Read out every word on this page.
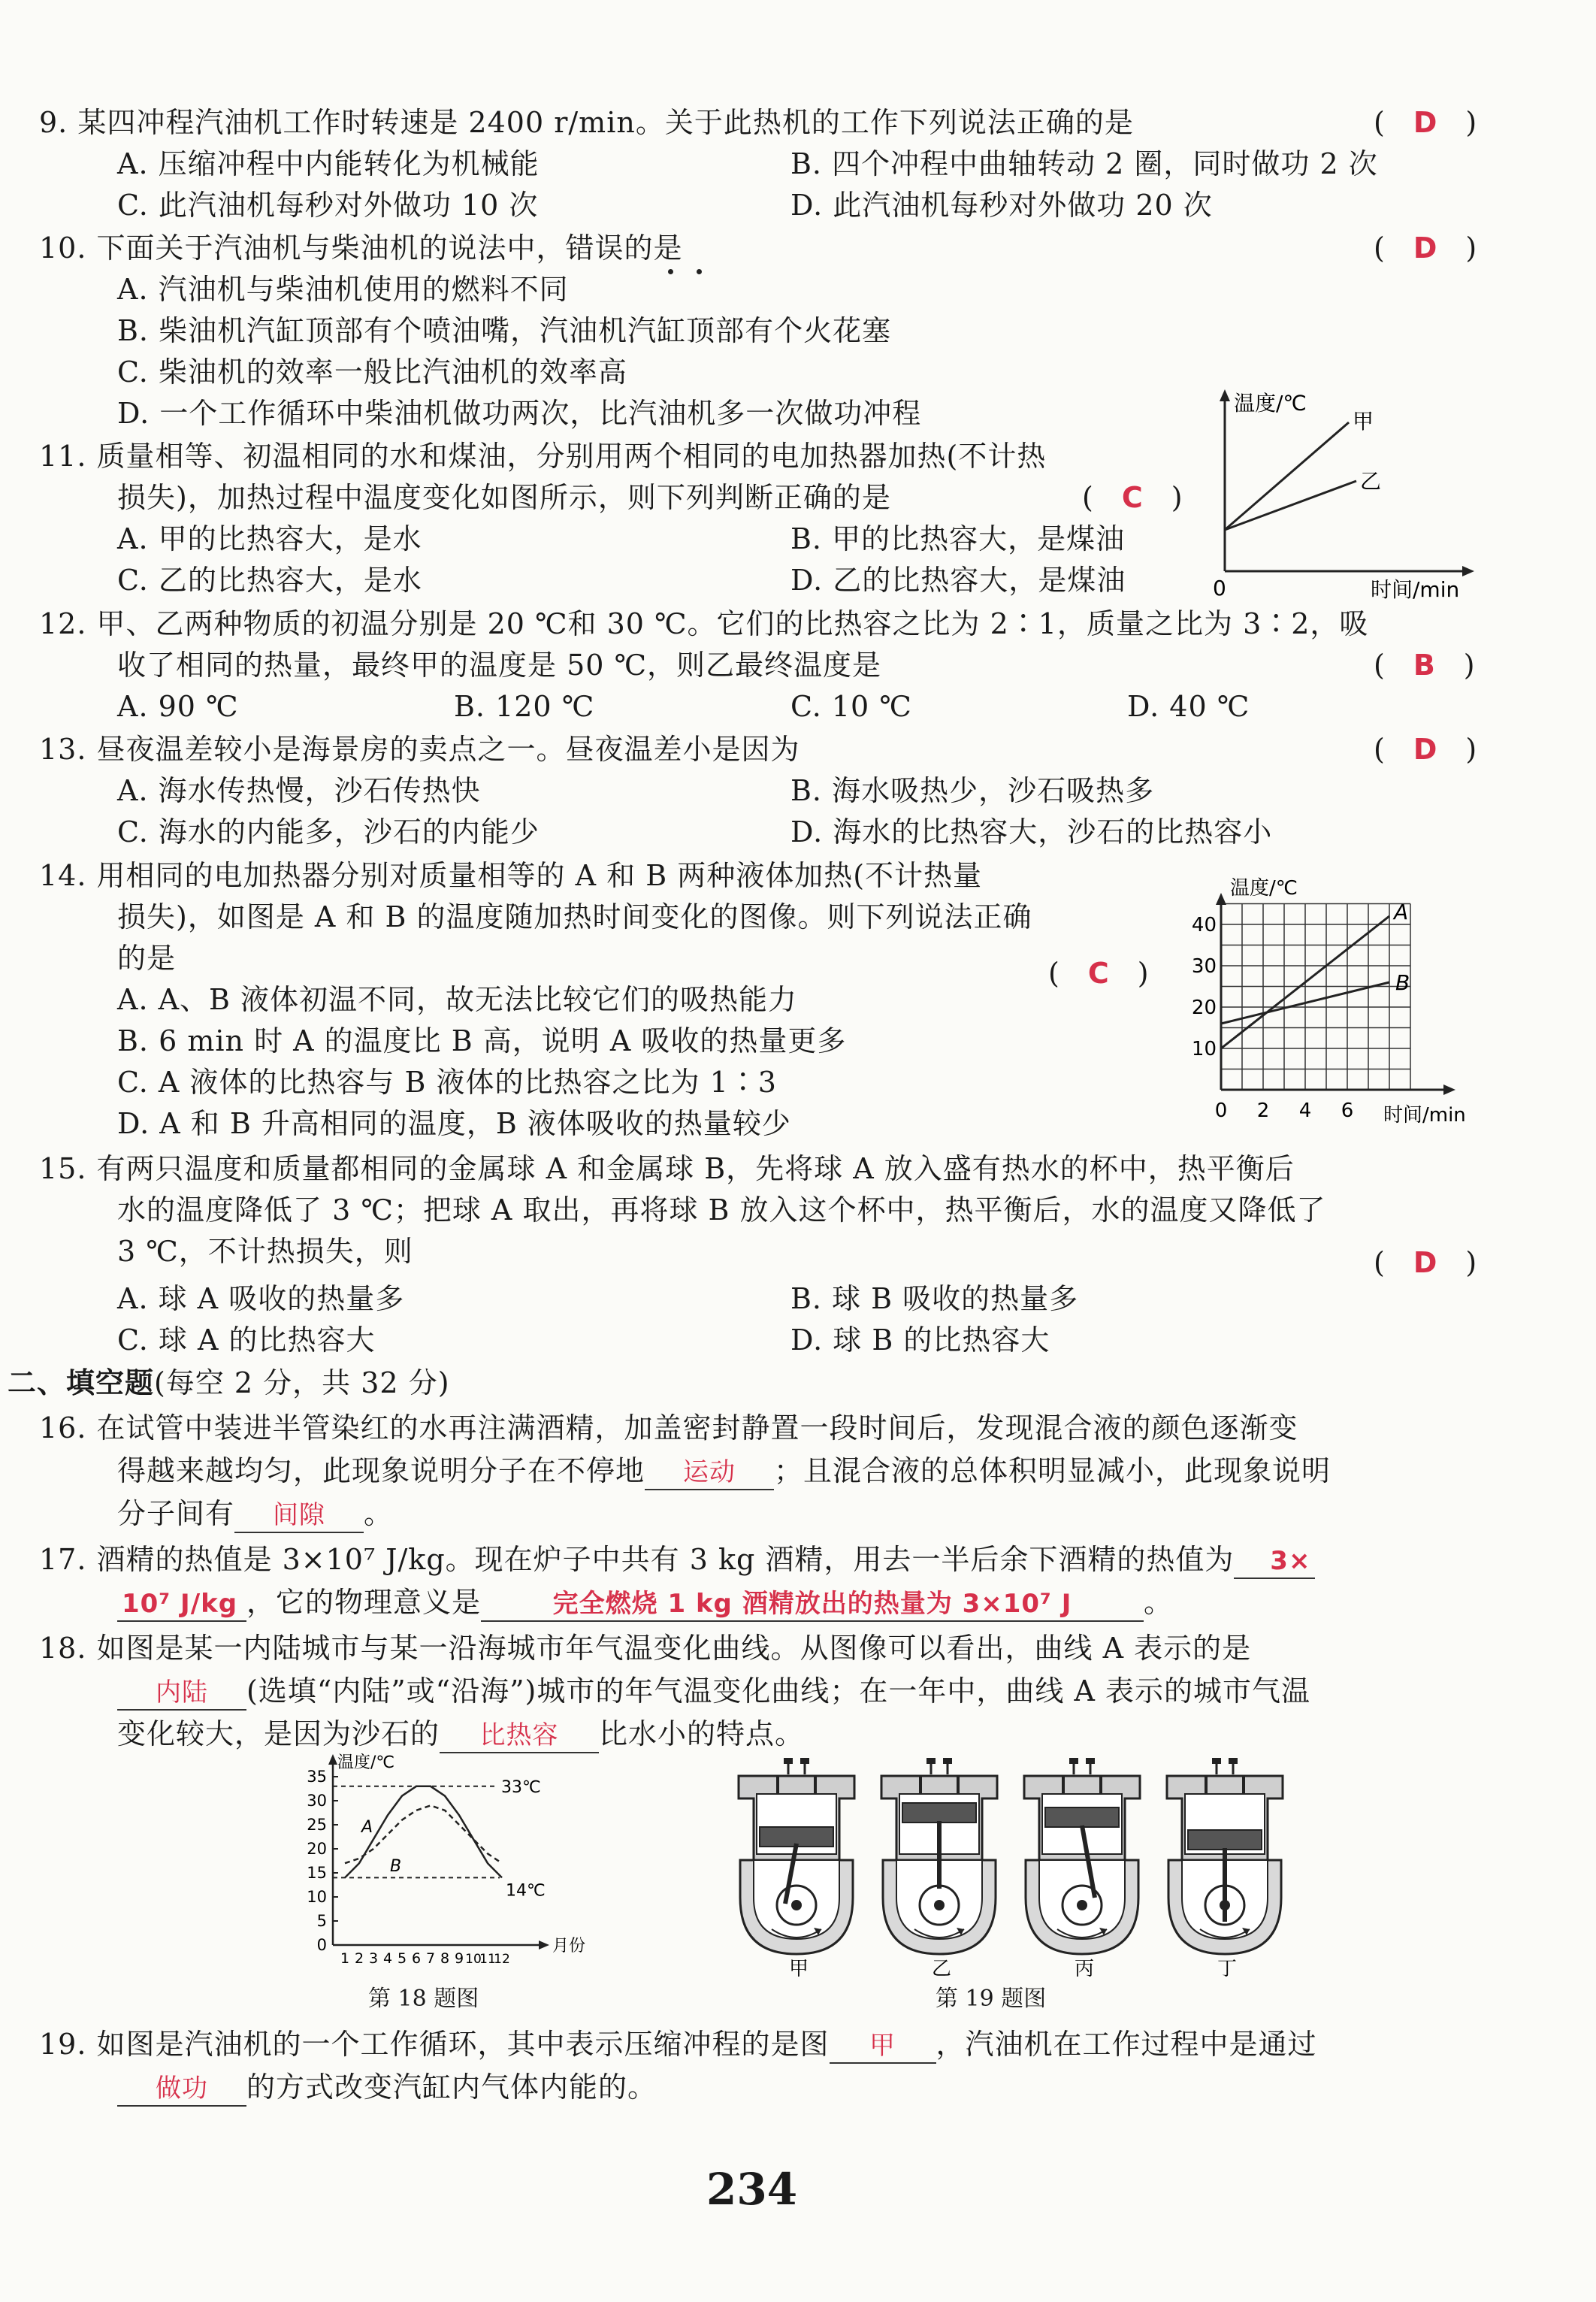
9. 某四冲程汽油机工作时转速是 2400 r/min。关于此热机的工作下列说法正确的是	(　D　)
A. 压缩冲程中内能转化为机械能	B. 四个冲程中曲轴转动 2 圈，同时做功 2 次
C. 此汽油机每秒对外做功 10 次	D. 此汽油机每秒对外做功 20 次
10. 下面关于汽油机与柴油机的说法中，错误的是	(　D　)
A. 汽油机与柴油机使用的燃料不同
B. 柴油机汽缸顶部有个喷油嘴，汽油机汽缸顶部有个火花塞
C. 柴油机的效率一般比汽油机的效率高
D. 一个工作循环中柴油机做功两次，比汽油机多一次做功冲程	温度/℃
甲
乙
0	时间/min
11. 质量相等、初温相同的水和煤油，分别用两个相同的电加热器加热(不计热
损失)，加热过程中温度变化如图所示，则下列判断正确的是	(　C　)
A. 甲的比热容大，是水	B. 甲的比热容大，是煤油
C. 乙的比热容大，是水	D. 乙的比热容大，是煤油
12. 甲、乙两种物质的初温分别是 20 ℃和 30 ℃。它们的比热容之比为 2∶1，质量之比为 3∶2，吸
收了相同的热量，最终甲的温度是 50 ℃，则乙最终温度是	(　B　)
A. 90 ℃	B. 120 ℃	C. 10 ℃	D. 40 ℃
13. 昼夜温差较小是海景房的卖点之一。昼夜温差小是因为	(　D　)
A. 海水传热慢，沙石传热快	B. 海水吸热少，沙石吸热多
C. 海水的内能多，沙石的内能少	D. 海水的比热容大，沙石的比热容小
温度/℃
40
30
20
10
0 2 4 6 时间/min
A
B
14. 用相同的电加热器分别对质量相等的 A 和 B 两种液体加热(不计热量
损失)，如图是 A 和 B 的温度随加热时间变化的图像。则下列说法正确
的是	(　C　)
A. A、B 液体初温不同，故无法比较它们的吸热能力
B. 6 min 时 A 的温度比 B 高，说明 A 吸收的热量更多
C. A 液体的比热容与 B 液体的比热容之比为 1∶3
D. A 和 B 升高相同的温度，B 液体吸收的热量较少
15. 有两只温度和质量都相同的金属球 A 和金属球 B，先将球 A 放入盛有热水的杯中，热平衡后
水的温度降低了 3 ℃；把球 A 取出，再将球 B 放入这个杯中，热平衡后，水的温度又降低了
3 ℃，不计热损失，则	(　D　)
A. 球 A 吸收的热量多	B. 球 B 吸收的热量多
C. 球 A 的比热容大	D. 球 B 的比热容大
二、填空题(每空 2 分，共 32 分)
16. 在试管中装进半管染红的水再注满酒精，加盖密封静置一段时间后，发现混合液的颜色逐渐变
得越来越均匀，此现象说明分子在不停地 运动 ；且混合液的总体积明显减小，此现象说明
分子间有 间隙 。
17. 酒精的热值是 3×10⁷ J/kg。现在炉子中共有 3 kg 酒精，用去一半后余下酒精的热值为 3×
10⁷ J/kg ，它的物理意义是	完全燃烧 1 kg 酒精放出的热量为 3×10⁷ J	。
18. 如图是某一内陆城市与某一沿海城市年气温变化曲线。从图像可以看出，曲线 A 表示的是
内陆 (选填“内陆”或“沿海”)城市的年气温变化曲线；在一年中，曲线 A 表示的城市气温
变化较大，是因为沙石的 比热容 比水小的特点。
温度/℃
0
5
10
15
20
25
30
35
1 2 3 4 5 6 7 8 9 10
11
12
月份
33℃
14℃
A
B
第 18 题图
甲	乙	丙	丁
第 19 题图
19. 如图是汽油机的一个工作循环，其中表示压缩冲程的是图 甲 ，汽油机在工作过程中是通过
做功 的方式改变汽缸内气体内能的。
234
